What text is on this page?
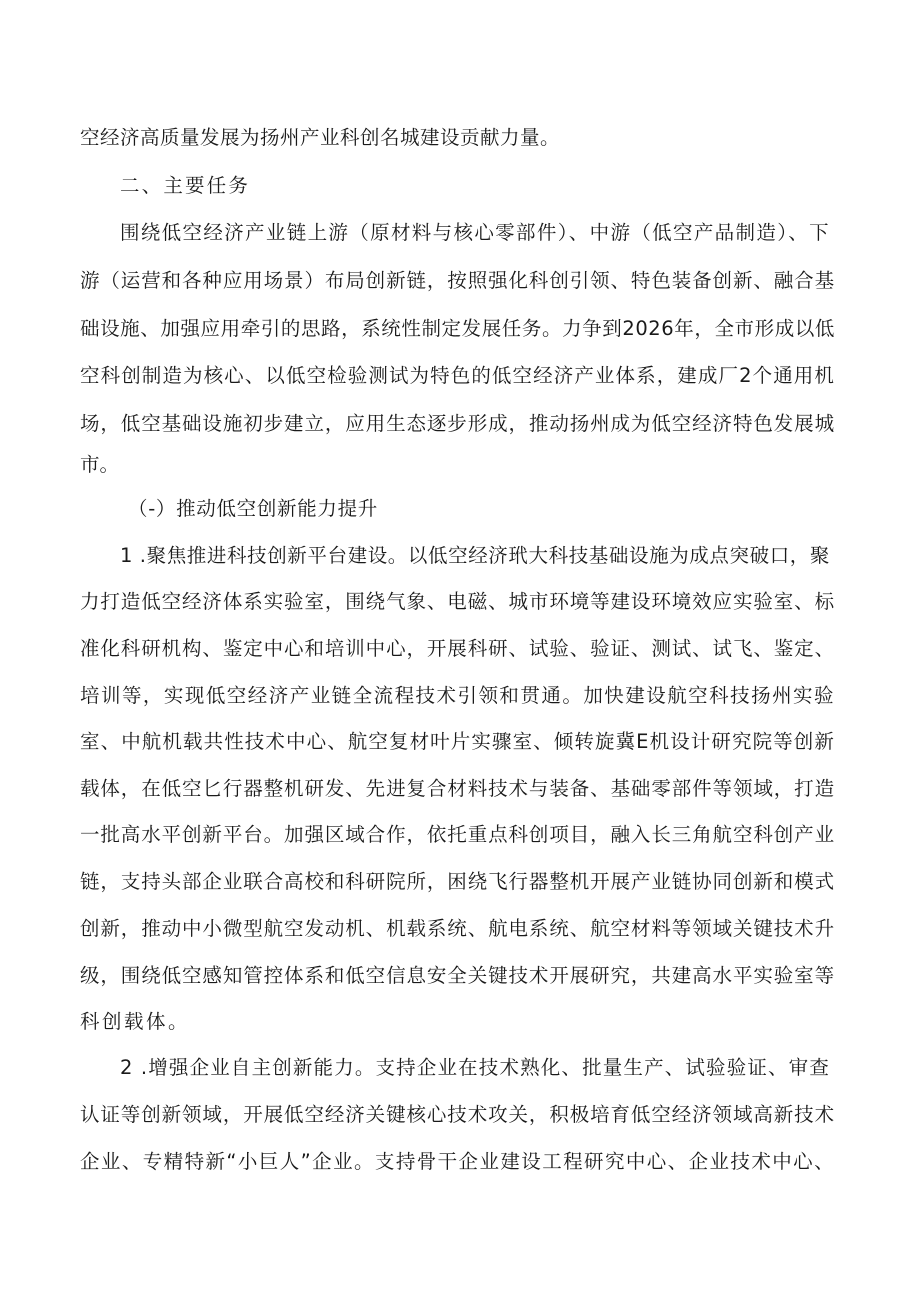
空经济高质量发展为扬州产业科创名城建设贡献力量。
二、主要任务
围绕低空经济产业链上游（原材料与核心零部件）、中游（低空产品制造）、下
游（运营和各种应用场景）布局创新链，按照强化科创引领、特色装备创新、融合基
础设施、加强应用牵引的思路，系统性制定发展任务。力争到2026年，全市形成以低
空科创制造为核心、以低空检验测试为特色的低空经济产业体系，建成厂2个通用机
场，低空基础设施初步建立，应用生态逐步形成，推动扬州成为低空经济特色发展城
市。
（-）推动低空创新能力提升
1 .聚焦推进科技创新平台建设。以低空经济玳大科技基础设施为成点突破口，聚
力打造低空经济体系实验室，围绕气象、电磁、城市环境等建设环境效应实验室、标
准化科研机构、鉴定中心和培训中心，开展科研、试验、验证、测试、试飞、鉴定、
培训等，实现低空经济产业链全流程技术引领和贯通。加快建设航空科技扬州实验
室、中航机载共性技术中心、航空复材叶片实骤室、倾转旋冀E机设计研究院等创新
载体，在低空匕行器整机研发、先进复合材料技术与装备、基础零部件等领域，打造
一批高水平创新平台。加强区域合作，依托重点科创项目，融入长三角航空科创产业
链，支持头部企业联合高校和科研院所，困绕飞行器整机开展产业链协同创新和模式
创新，推动中小微型航空发动机、机载系统、航电系统、航空材料等领域关键技术升
级，围绕低空感知管控体系和低空信息安全关键技术开展研究，共建高水平实验室等
科创载体。
2 .增强企业自主创新能力。支持企业在技术熟化、批量生产、试验验证、审查
认证等创新领域，开展低空经济关键核心技术攻关，积极培育低空经济领域高新技术
企业、专精特新“小巨人”企业。支持骨干企业建设工程研究中心、企业技术中心、
